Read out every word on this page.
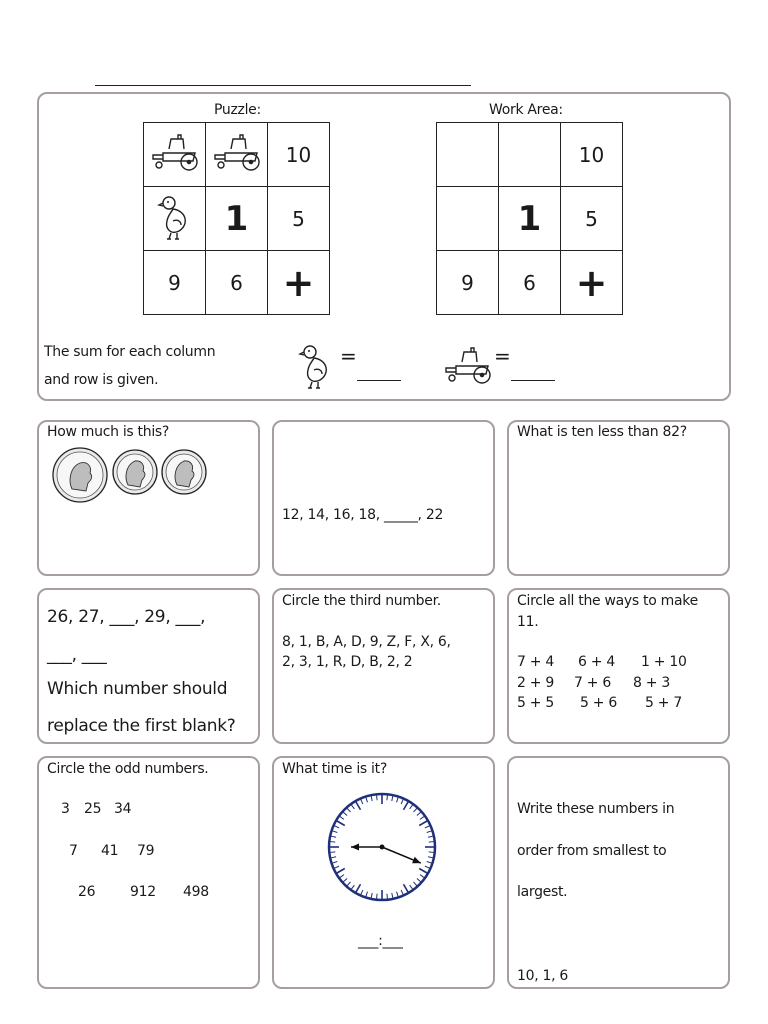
Puzzle:	Work Area:
		10
	1	5
9	6	+
		10
	1	5
9	6	+
The sum for each column
and row is given.
=	=
How much is this?
12, 14, 16, 18, _____, 22
What is ten less than 82?
26, 27, ___, 29, ___,
___, ___
Which number should
replace the first blank?
Circle the third number.
8, 1, B, A, D, 9, Z, F, X, 6,
2, 3, 1, R, D, B, 2, 2
Circle all the ways to make
11.
7 + 4 6 + 4 1 + 10
2 + 9 7 + 6 8 + 3
5 + 5 5 + 6 5 + 7
Circle the odd numbers.
3 25 34
7 41 79
26 912 498
What time is it?
___:___
Write these numbers in
order from smallest to
largest.
10, 1, 6
